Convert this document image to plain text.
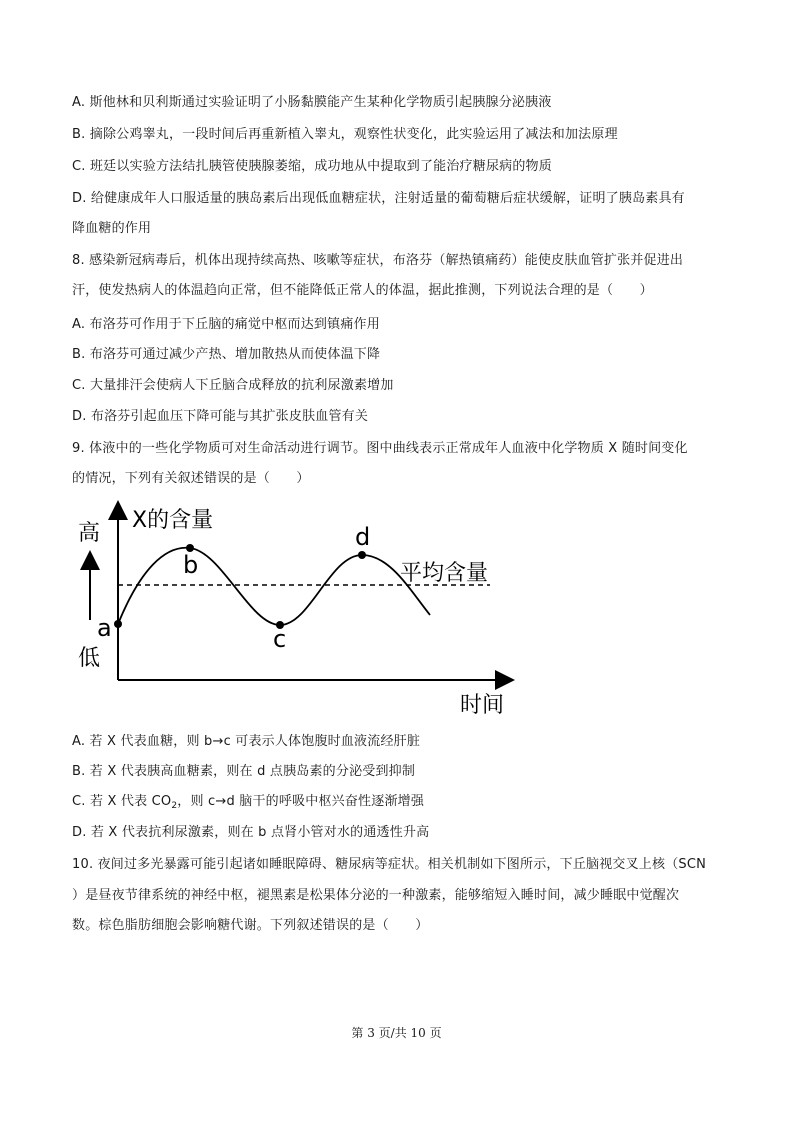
A. 斯他林和贝利斯通过实验证明了小肠黏膜能产生某种化学物质引起胰腺分泌胰液
B. 摘除公鸡睾丸，一段时间后再重新植入睾丸，观察性状变化，此实验运用了减法和加法原理
C. 班廷以实验方法结扎胰管使胰腺萎缩，成功地从中提取到了能治疗糖尿病的物质
D. 给健康成年人口服适量的胰岛素后出现低血糖症状，注射适量的葡萄糖后症状缓解，证明了胰岛素具有
降血糖的作用
8. 感染新冠病毒后，机体出现持续高热、咳嗽等症状，布洛芬（解热镇痛药）能使皮肤血管扩张并促进出
汗，使发热病人的体温趋向正常，但不能降低正常人的体温，据此推测，下列说法合理的是（　　）
A. 布洛芬可作用于下丘脑的痛觉中枢而达到镇痛作用
B. 布洛芬可通过减少产热、增加散热从而使体温下降
C. 大量排汗会使病人下丘脑合成释放的抗利尿激素增加
D. 布洛芬引起血压下降可能与其扩张皮肤血管有关
9. 体液中的一些化学物质可对生命活动进行调节。图中曲线表示正常成年人血液中化学物质 X 随时间变化
的情况，下列有关叙述错误的是（　　）
X的含量
高
低
时间
平均含量
a
b
c
d
A. 若 X 代表血糖，则 b→c 可表示人体饱腹时血液流经肝脏
B. 若 X 代表胰高血糖素，则在 d 点胰岛素的分泌受到抑制
C. 若 X 代表 $CO_2$，则 c→d 脑干的呼吸中枢兴奋性逐渐增强
D. 若 X 代表抗利尿激素，则在 b 点肾小管对水的通透性升高
10. 夜间过多光暴露可能引起诸如睡眠障碍、糖尿病等症状。相关机制如下图所示，下丘脑视交叉上核（SCN
）是昼夜节律系统的神经中枢，褪黑素是松果体分泌的一种激素，能够缩短入睡时间，减少睡眠中觉醒次
数。棕色脂肪细胞会影响糖代谢。下列叙述错误的是（　　）
第 3 页/共 10 页
